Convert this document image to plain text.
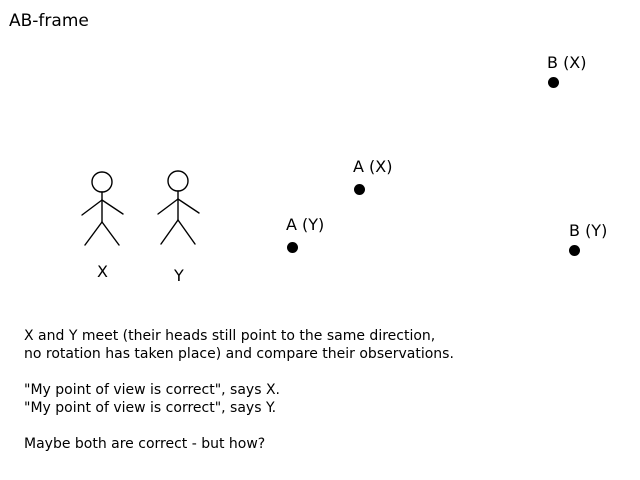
AB-frame
X	Y
B (X)
A (X)
A (Y)	B (Y)
X and Y meet (their heads still point to the same direction,
no rotation has taken place) and compare their observations.
"My point of view is correct", says X.
"My point of view is correct", says Y.
Maybe both are correct - but how?
